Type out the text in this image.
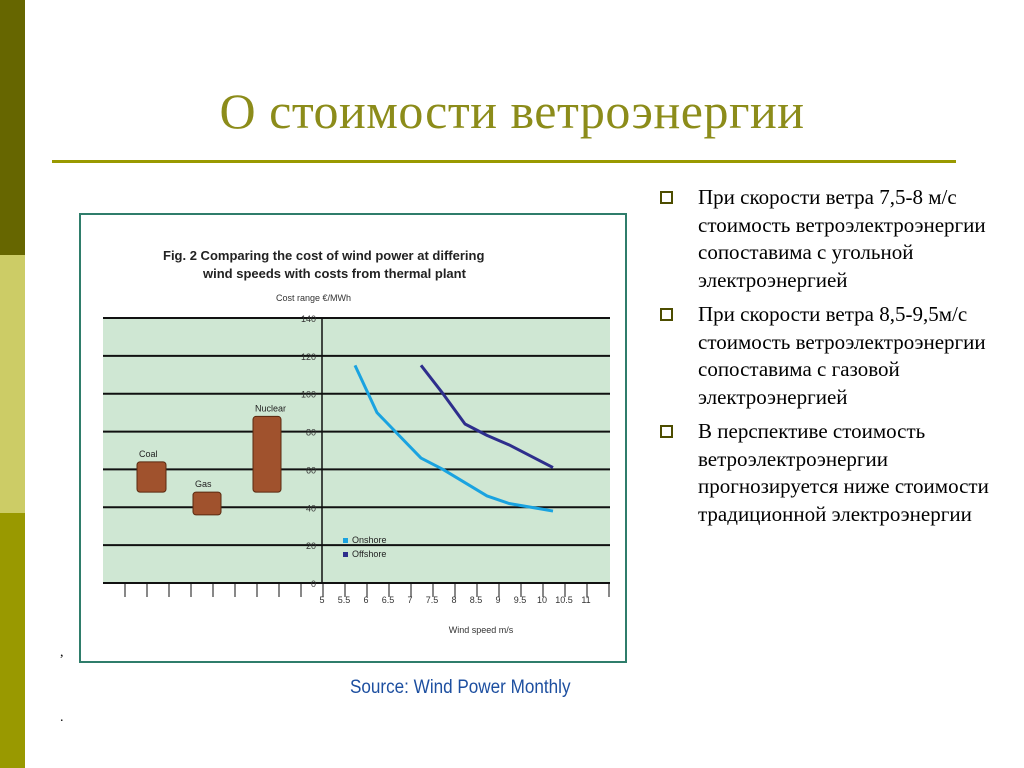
О стоимости ветроэнергии
Fig. 2 Comparing the cost of wind power at differing wind speeds with costs from thermal plant
Cost range €/MWh
0
20
40
60
80
100
120
140
5 5.5 6 6.5 7 7.5 8 8.5 9 9.5 10 10.5 11
Wind speed m/s
Coal
Gas
Nuclear
Onshore
Offshore
Source: Wind Power Monthly
,
.
При скорости ветра 7,5-8 м/с стоимость ветроэлектроэнергии сопоставима с угольной электроэнергией
При скорости ветра 8,5-9,5м/с стоимость ветроэлектроэнергии сопоставима с газовой электроэнергией
В перспективе стоимость ветроэлектроэнергии прогнозируется ниже стоимости традиционной электроэнергии
